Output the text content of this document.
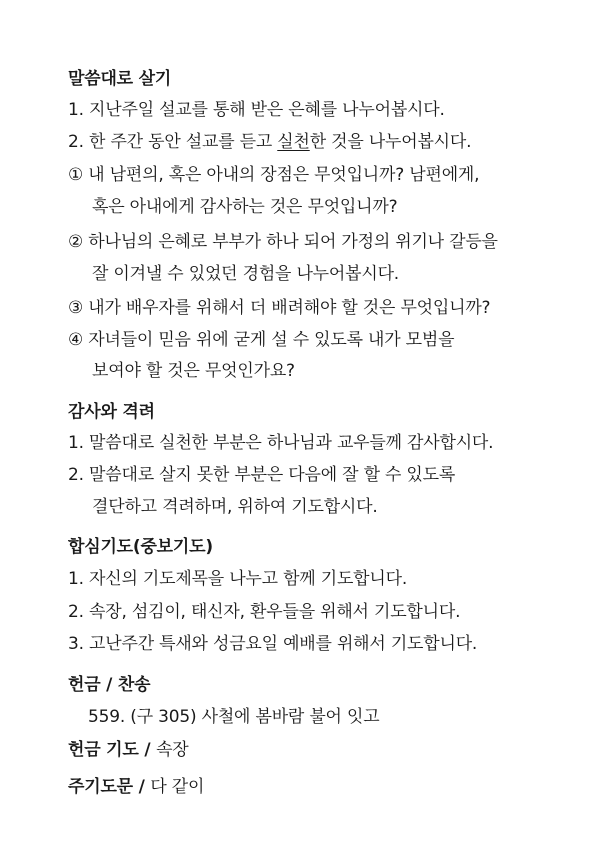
말씀대로 살기
1. 지난주일 설교를 통해 받은 은혜를 나누어봅시다.
2. 한 주간 동안 설교를 듣고 실천한 것을 나누어봅시다.
① 내 남편의, 혹은 아내의 장점은 무엇입니까? 남편에게,
혹은 아내에게 감사하는 것은 무엇입니까?
② 하나님의 은혜로 부부가 하나 되어 가정의 위기나 갈등을
잘 이겨낼 수 있었던 경험을 나누어봅시다.
③ 내가 배우자를 위해서 더 배려해야 할 것은 무엇입니까?
④ 자녀들이 믿음 위에 굳게 설 수 있도록 내가 모범을
보여야 할 것은 무엇인가요?
감사와 격려
1. 말씀대로 실천한 부분은 하나님과 교우들께 감사합시다.
2. 말씀대로 살지 못한 부분은 다음에 잘 할 수 있도록
결단하고 격려하며, 위하여 기도합시다.
합심기도(중보기도)
1. 자신의 기도제목을 나누고 함께 기도합니다.
2. 속장, 섬김이, 태신자, 환우들을 위해서 기도합니다.
3. 고난주간 특새와 성금요일 예배를 위해서 기도합니다.
헌금 / 찬송
559. (구 305) 사철에 봄바람 불어 잇고
헌금 기도 / 속장
주기도문 / 다 같이
